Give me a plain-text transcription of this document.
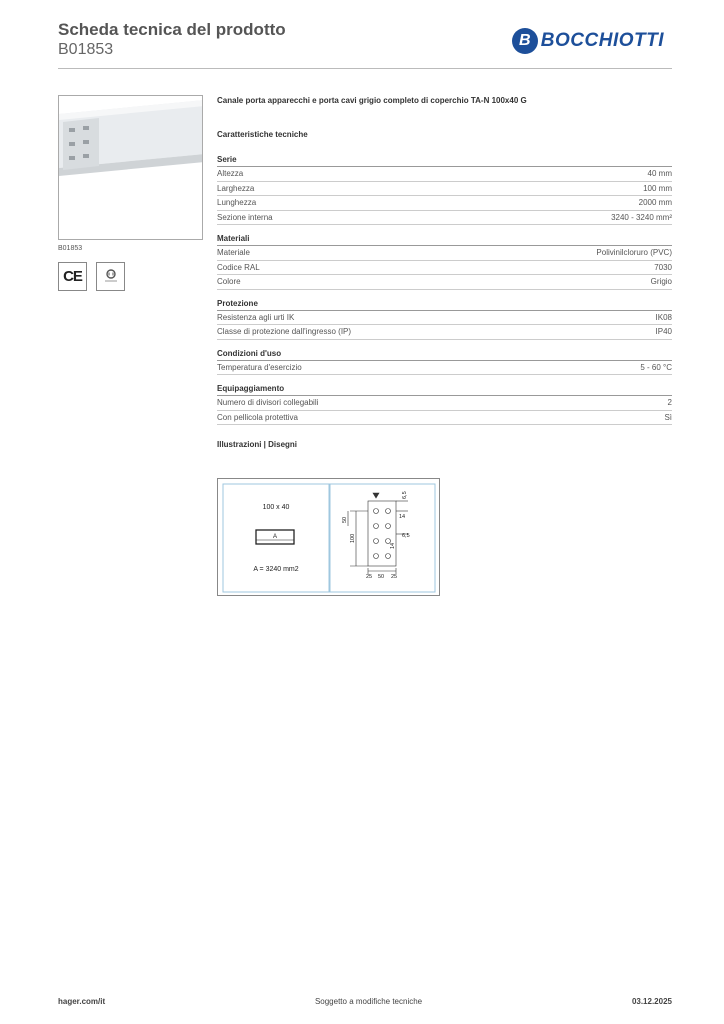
Scheda tecnica del prodotto
B01853
B BOCCHIOTTI
B01853
CE
Canale porta apparecchi e porta cavi grigio completo di coperchio TA-N 100x40 G
Caratteristiche tecniche
Serie
Altezza	40 mm
Larghezza	100 mm
Lunghezza	2000 mm
Sezione interna	3240 - 3240 mm²
Materiali
Materiale	Polivinilcloruro (PVC)
Codice RAL	7030
Colore	Grigio
Protezione
Resistenza agli urti IK	IK08
Classe di protezione dall'ingresso (IP)	IP40
Condizioni d'uso
Temperatura d'esercizio	5 - 60 °C
Equipaggiamento
Numero di divisori collegabili	2
Con pellicola protettiva	Sì
Illustrazioni | Disegni
100 x 40
A
A = 3240 mm2
50
100
6,5
14
6,5
14
25 50 25
hager.com/it	Soggetto a modifiche tecniche	03.12.2025
